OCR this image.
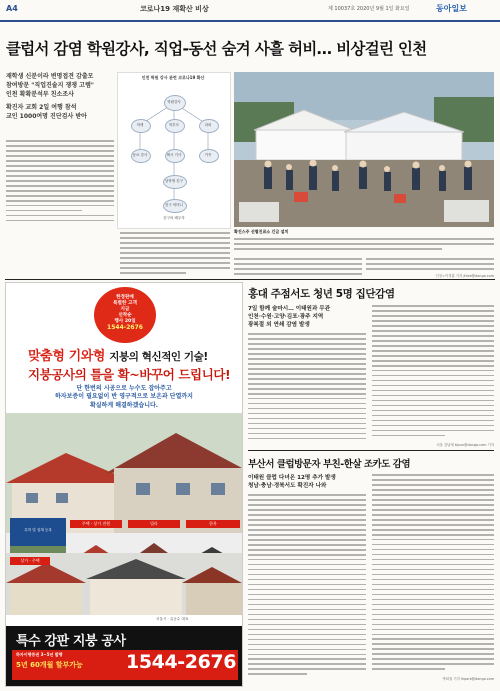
A4	코로나19 재확산 비상	제 10037호 2020년 9월 1일 화요일	동아일보
클럽서 감염 학원강사, 직업-동선 숨겨 사흘 허비… 비상걸린 인천
재학생 신분이라 변명접견 감출모
참여방문 "직업진술지 쟁쟁 고템"
인천 확확분석부 친소조사
확진자 교회 2일 여행 참석
교인 1000여명 진단검사 받아
인천 학원 강사 관련 코로나19 확산
학원강사
학생	학부모	과외
동료 강사	택시 기사	가족
남학생 친구
친구 어머니
친구의 배우자
확진스주 선별진료소 긴급 설치
인천=이정훈 기자 jhlee@donga.com
한정판매
특별한 고객
지금
선착순
행사 20일
1544-2676
맞춤형 기와형 지붕의 혁신적인 기술!
지붕공사의 틀을 확~바꾸어 드립니다!
단 한번의 시공으로 누수도 잡아주고
하자보증이 필요없이 반 영구적으로 보온과 단열까지
확실하게 해결하겠습니다.
특허 및 설계 등록
주택 · 상가 전원	빌라	한옥
상가 · 주택
서울시 · 유공수 대표
특수 강판 지붕 공사
하자이행증권 3~5년 발행
5년 60개월 할부가능 1544-2676
홍대 주점서도 청년 5명 집단감염
7일 함께 술마시… 이태원과 무관
인천·수원·고양·김포·광주 지역
광복절 외 연쇄 감염 발생
서울 강남세 bjsun@donga.com 기자
부산서 클럽방문자 부친-한살 조카도 감염
이태원 클럽 다녀온 12명 추가 발생
청남·충남·경북서도 확진자 나와
박희철 기자 lhpark@donga.com
